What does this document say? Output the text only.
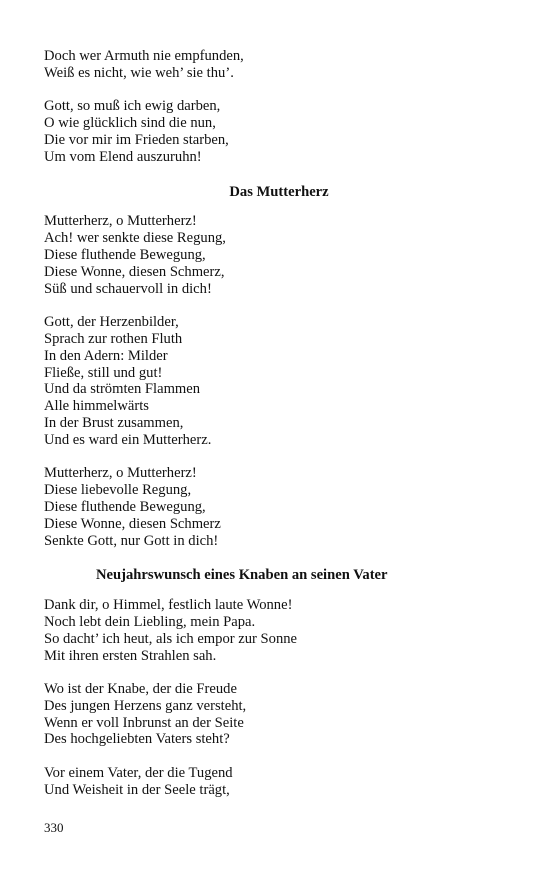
Doch wer Armuth nie empfunden,
Weiß es nicht, wie weh’ sie thu’.
Gott, so muß ich ewig darben,
O wie glücklich sind die nun,
Die vor mir im Frieden starben,
Um vom Elend auszuruhn!
Das Mutterherz
Mutterherz, o Mutterherz!
Ach! wer senkte diese Regung,
Diese fluthende Bewegung,
Diese Wonne, diesen Schmerz,
Süß und schauervoll in dich!
Gott, der Herzenbilder,
Sprach zur rothen Fluth
In den Adern: Milder
Fließe, still und gut!
Und da strömten Flammen
Alle himmelwärts
In der Brust zusammen,
Und es ward ein Mutterherz.
Mutterherz, o Mutterherz!
Diese liebevolle Regung,
Diese fluthende Bewegung,
Diese Wonne, diesen Schmerz
Senkte Gott, nur Gott in dich!
Neujahrswunsch eines Knaben an seinen Vater
Dank dir, o Himmel, festlich laute Wonne!
Noch lebt dein Liebling, mein Papa.
So dacht’ ich heut, als ich empor zur Sonne
Mit ihren ersten Strahlen sah.
Wo ist der Knabe, der die Freude
Des jungen Herzens ganz versteht,
Wenn er voll Inbrunst an der Seite
Des hochgeliebten Vaters steht?
Vor einem Vater, der die Tugend
Und Weisheit in der Seele trägt,
330
